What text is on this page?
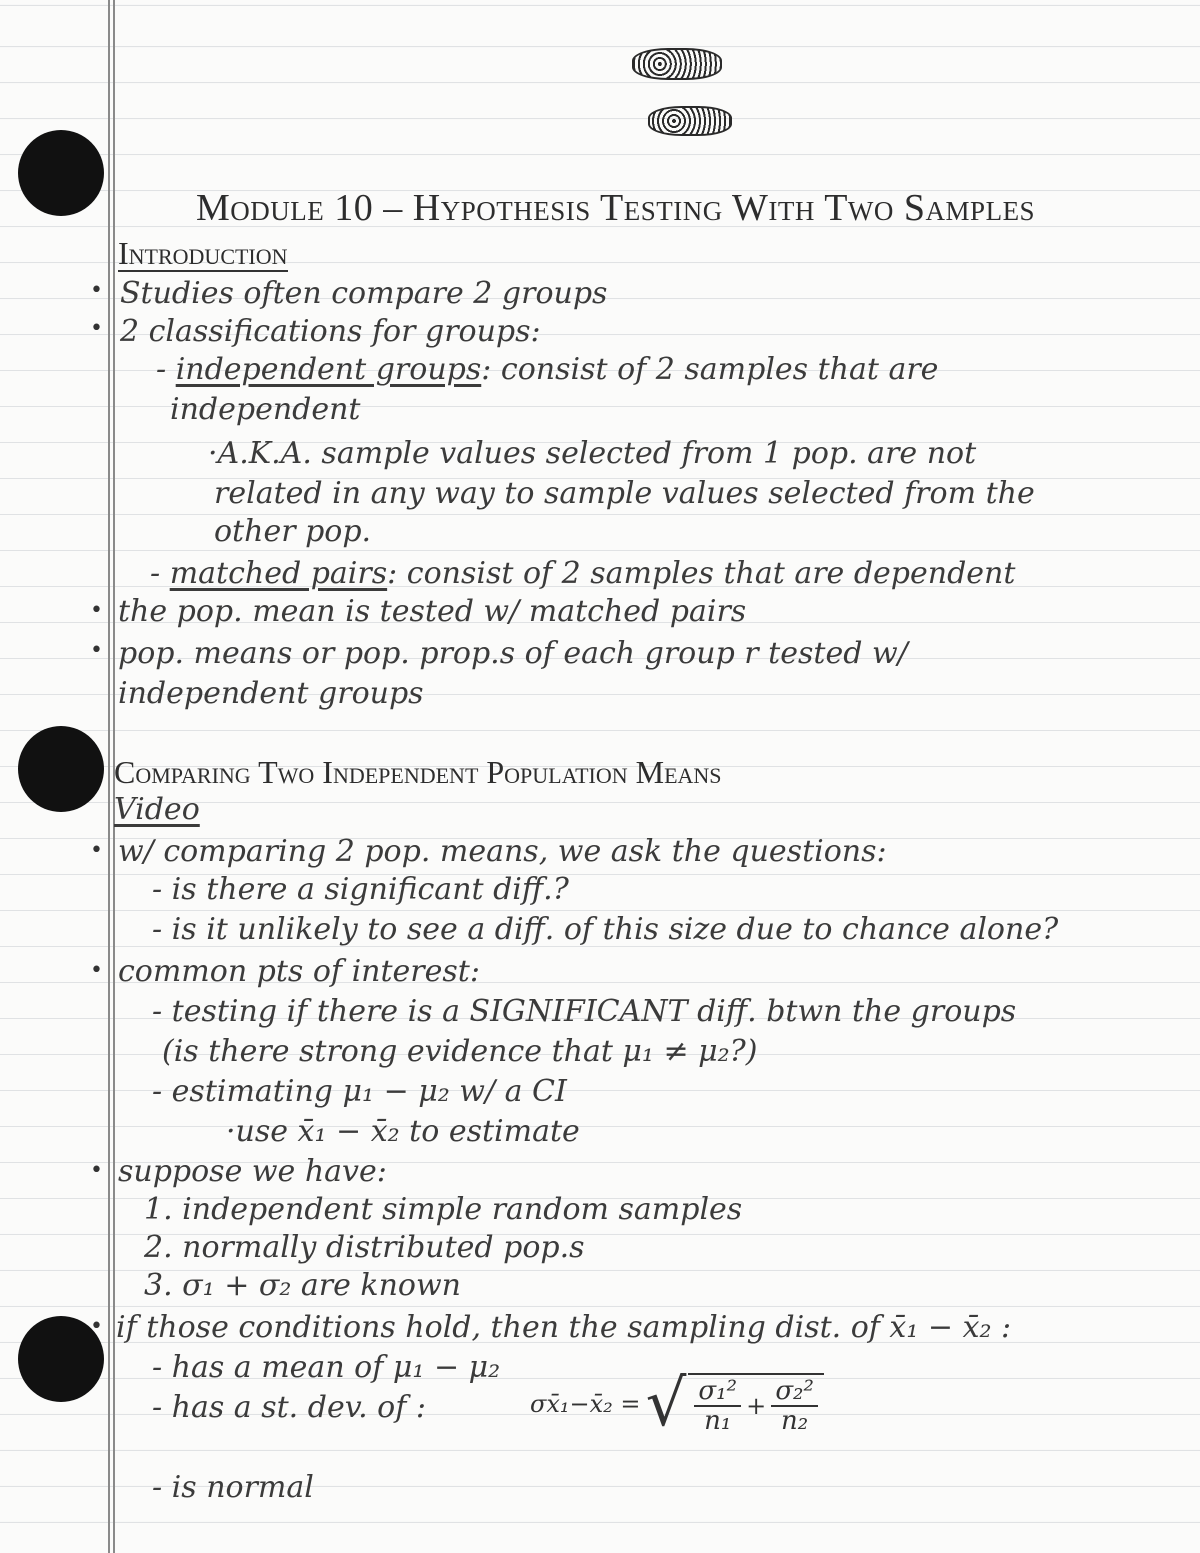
Module 10 – Hypothesis Testing With Two Samples
Introduction
• Studies often compare 2 groups
• 2 classifications for groups:
- independent groups: consist of 2 samples that are
independent
·A.K.A. sample values selected from 1 pop. are not
related in any way to sample values selected from the
other pop.
- matched pairs: consist of 2 samples that are dependent
• the pop. mean is tested w/ matched pairs
• pop. means or pop. prop.s of each group r tested w/
independent groups
Comparing Two Independent Population Means
Video
• w/ comparing 2 pop. means, we ask the questions:
- is there a significant diff.?
- is it unlikely to see a diff. of this size due to chance alone?
• common pts of interest:
- testing if there is a SIGNIFICANT diff. btwn the groups
(is there strong evidence that μ₁ ≠ μ₂?)
- estimating μ₁ − μ₂ w/ a CI
·use x̄₁ − x̄₂ to estimate
• suppose we have:
1. independent simple random samples
2. normally distributed pop.s
3. σ₁ + σ₂ are known
• if those conditions hold, then the sampling dist. of x̄₁ − x̄₂ :
- has a mean of μ₁ − μ₂
- has a st. dev. of :	σx̄₁−x̄₂ = √ $\frac{\text{σ₁²}}{\text{n₁}} + \frac{\text{σ₂²}}{\text{n₂}}$
- is normal
